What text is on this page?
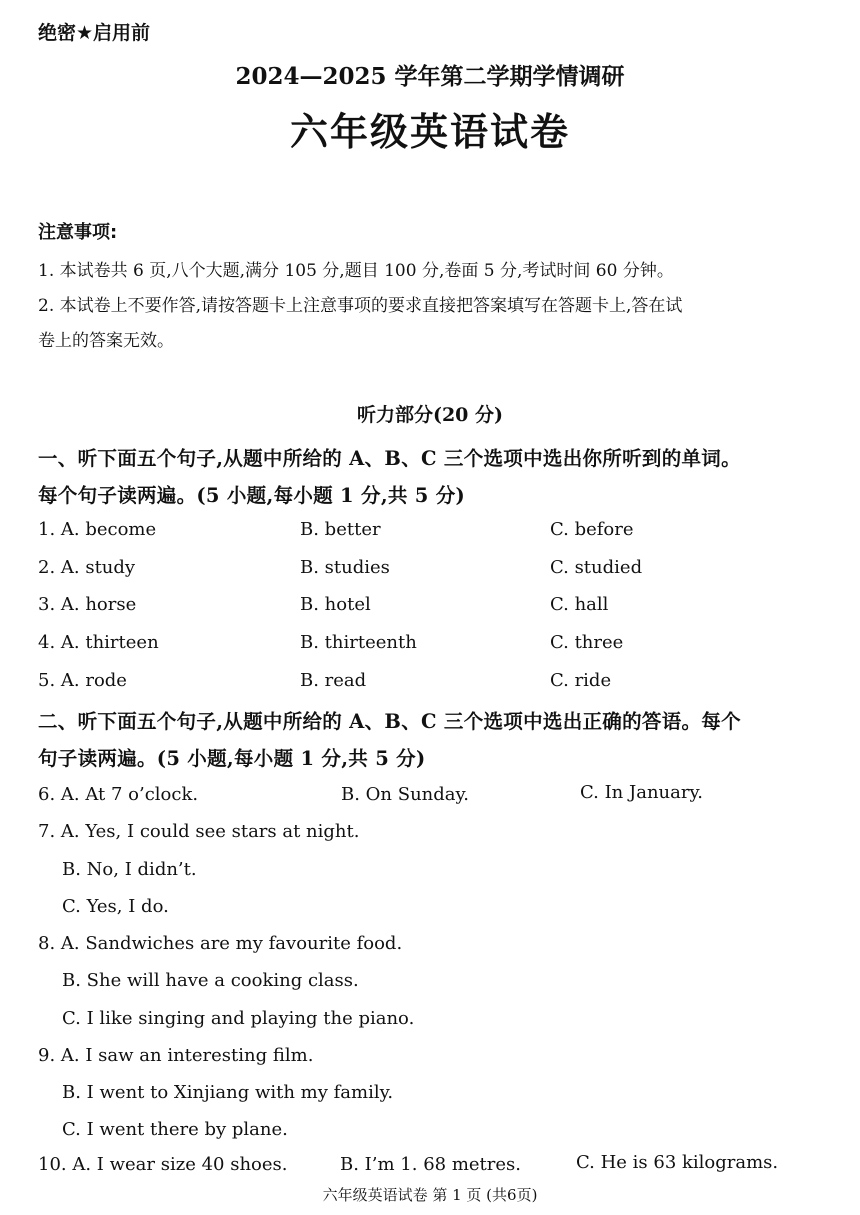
绝密★启用前
2024—2025 学年第二学期学情调研
六年级英语试卷
注意事项:
1. 本试卷共 6 页,八个大题,满分 105 分,题目 100 分,卷面 5 分,考试时间 60 分钟。
2. 本试卷上不要作答,请按答题卡上注意事项的要求直接把答案填写在答题卡上,答在试
卷上的答案无效。
听力部分(20 分)
一、听下面五个句子,从题中所给的 A、B、C 三个选项中选出你所听到的单词。
每个句子读两遍。(5 小题,每小题 1 分,共 5 分)
1. A. become	B. better	C. before
2. A. study	B. studies	C. studied
3. A. horse	B. hotel	C. hall
4. A. thirteen	B. thirteenth	C. three
5. A. rode	B. read	C. ride
二、听下面五个句子,从题中所给的 A、B、C 三个选项中选出正确的答语。每个
句子读两遍。(5 小题,每小题 1 分,共 5 分)
6. A. At 7 o’clock.	B. On Sunday.	C. In January.
7. A. Yes, I could see stars at night.
B. No, I didn’t.
C. Yes, I do.
8. A. Sandwiches are my favourite food.
B. She will have a cooking class.
C. I like singing and playing the piano.
9. A. I saw an interesting film.
B. I went to Xinjiang with my family.
C. I went there by plane.
10. A. I wear size 40 shoes.	B. I’m 1. 68 metres.	C. He is 63 kilograms.
六年级英语试卷 第 1 页 (共6页)
